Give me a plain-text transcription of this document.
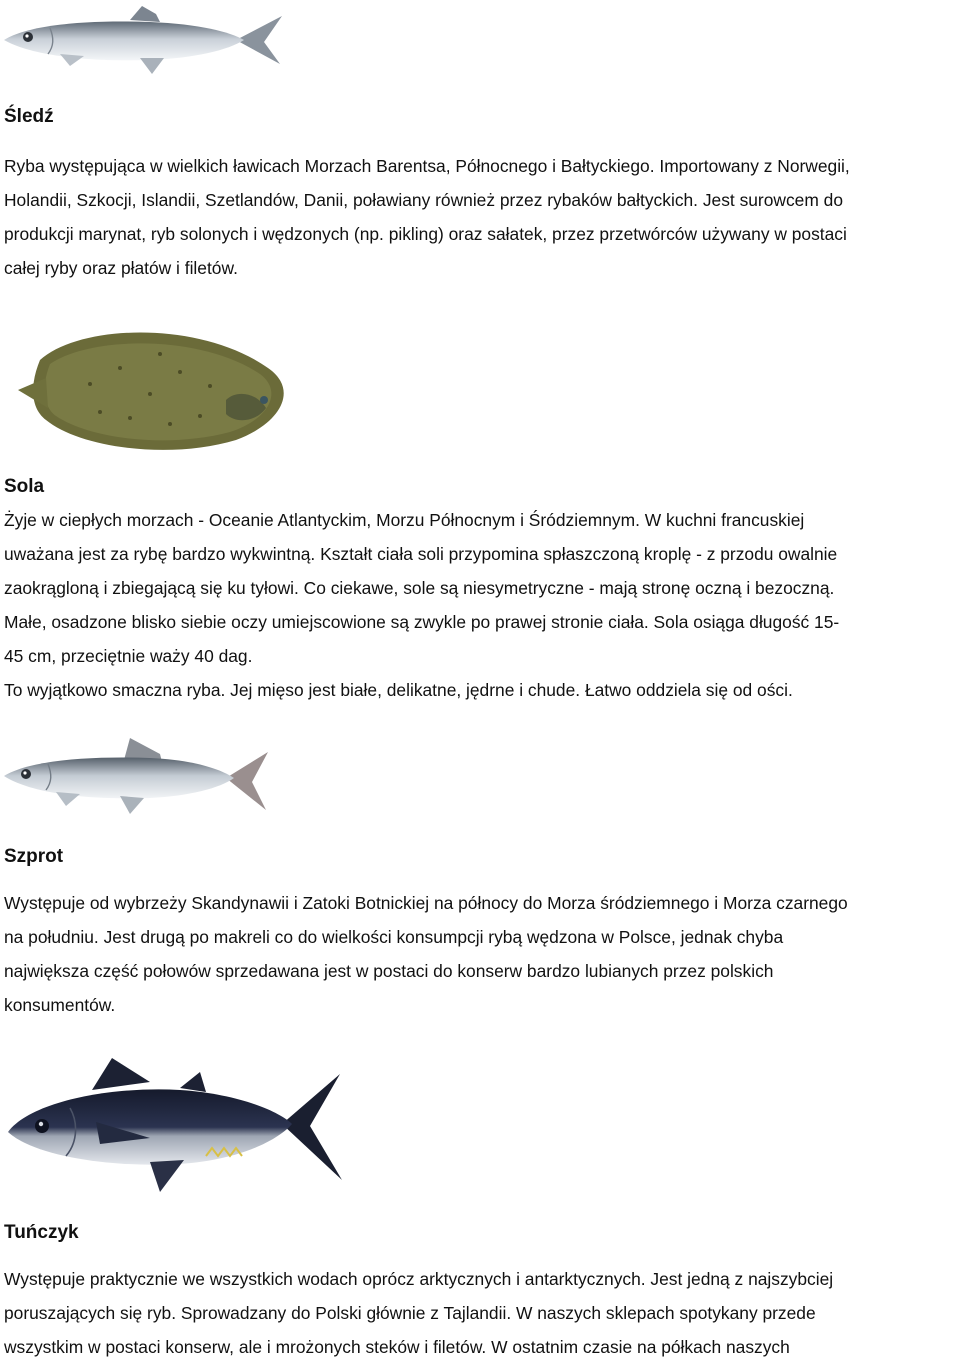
Śledź

Ryba występująca w wielkich ławicach Morzach Barentsa, Północnego i Bałtyckiego. Importowany z Norwegii,
Holandii, Szkocji, Islandii, Szetlandów, Danii, poławiany również przez rybaków bałtyckich. Jest surowcem do
produkcji marynat, ryb solonych i wędzonych (np. pikling) oraz sałatek, przez przetwórców używany w postaci
całej ryby oraz płatów i filetów.

Sola

Żyje w ciepłych morzach - Oceanie Atlantyckim, Morzu Północnym i Śródziemnym. W kuchni francuskiej
uważana jest za rybę bardzo wykwintną. Kształt ciała soli przypomina spłaszczoną kroplę - z przodu owalnie
zaokrągloną i zbiegającą się ku tyłowi. Co ciekawe, sole są niesymetryczne - mają stronę oczną i bezoczną.
Małe, osadzone blisko siebie oczy umiejscowione są zwykle po prawej stronie ciała. Sola osiąga długość 15-
45 cm, przeciętnie waży 40 dag.
To wyjątkowo smaczna ryba. Jej mięso jest białe, delikatne, jędrne i chude. Łatwo oddziela się od ości.

Szprot

Występuje od wybrzeży Skandynawii i Zatoki Botnickiej na północy do Morza śródziemnego i Morza czarnego
na południu. Jest drugą po makreli co do wielkości konsumpcji rybą wędzona w Polsce, jednak chyba
największa część połowów sprzedawana jest w postaci do konserw bardzo lubianych przez polskich
konsumentów.

Tuńczyk

Występuje praktycznie we wszystkich wodach oprócz arktycznych i antarktycznych. Jest jedną z najszybciej
poruszających się ryb. Sprowadzany do Polski głównie z Tajlandii. W naszych sklepach spotykany przede
wszystkim w postaci konserw, ale i mrożonych steków i filetów. W ostatnim czasie na półkach naszych
